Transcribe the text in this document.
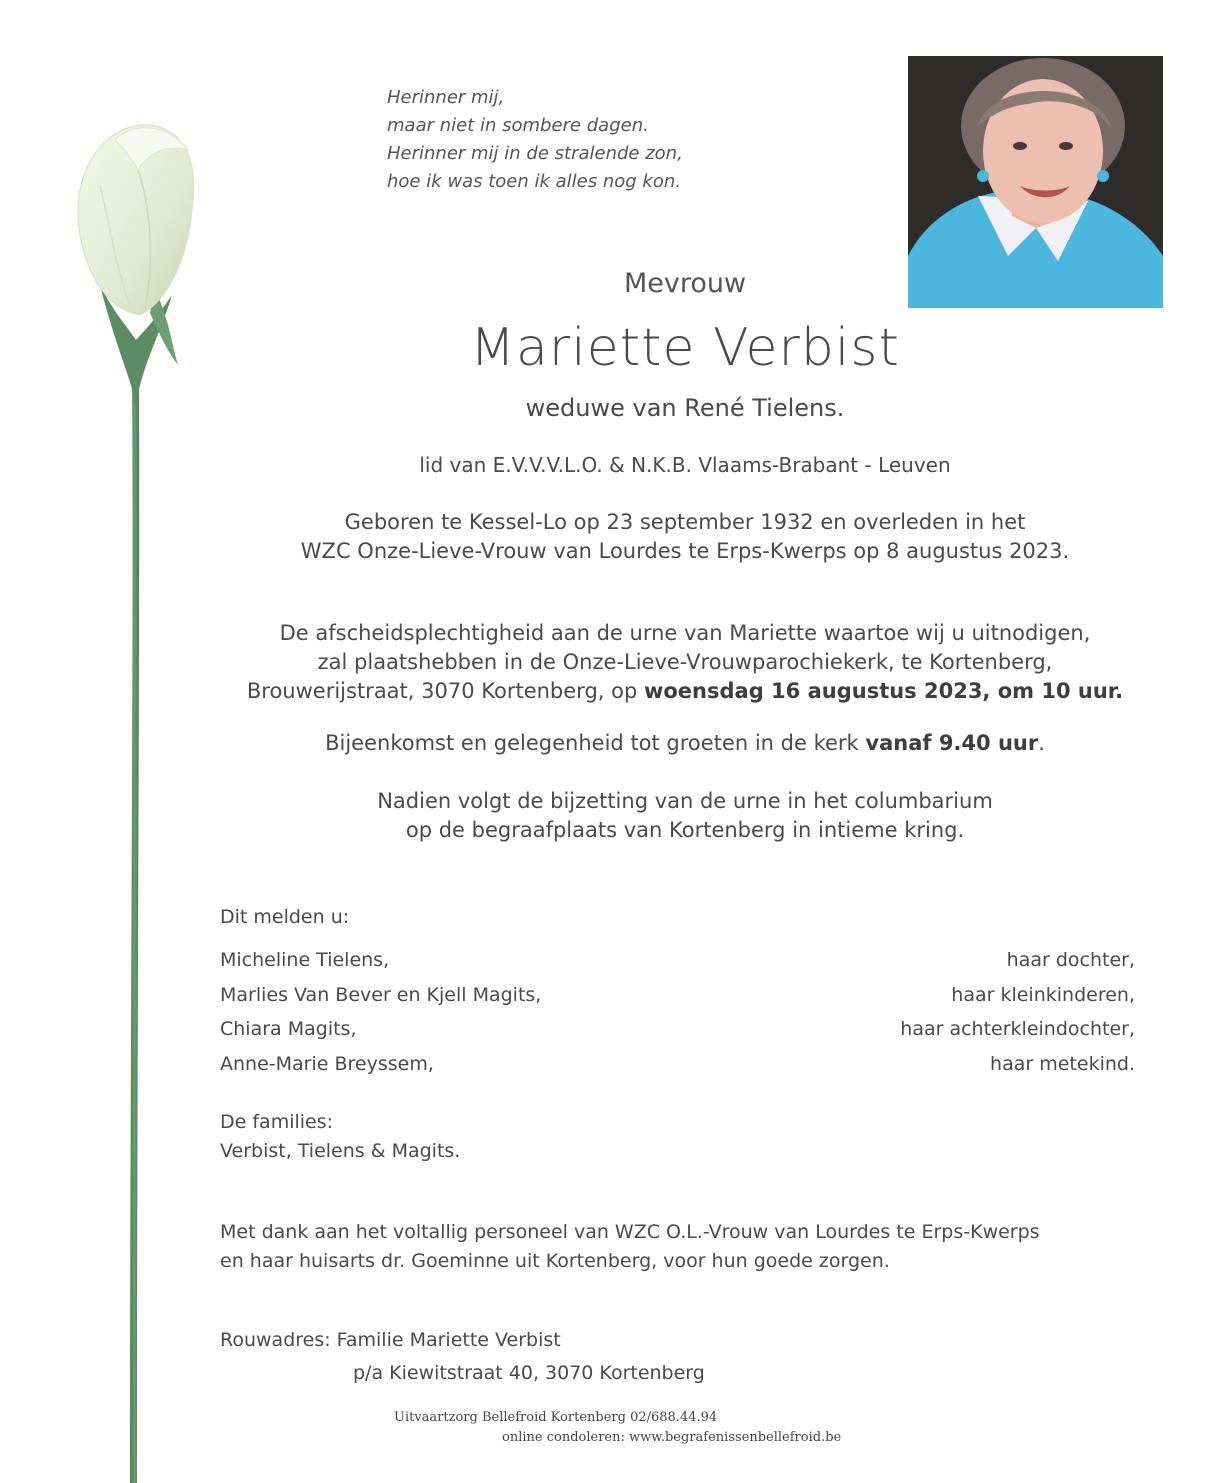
Herinner mij,
maar niet in sombere dagen.
Herinner mij in de stralende zon,
hoe ik was toen ik alles nog kon.
Mevrouw
Mariette Verbist
weduwe van René Tielens.
lid van E.V.V.V.L.O. & N.K.B. Vlaams-Brabant - Leuven
Geboren te Kessel-Lo op 23 september 1932 en overleden in het
WZC Onze-Lieve-Vrouw van Lourdes te Erps-Kwerps op 8 augustus 2023.
De afscheidsplechtigheid aan de urne van Mariette waartoe wij u uitnodigen,
zal plaatshebben in de Onze-Lieve-Vrouwparochiekerk, te Kortenberg,
Brouwerijstraat, 3070 Kortenberg, op woensdag 16 augustus 2023, om 10 uur.
Bijeenkomst en gelegenheid tot groeten in de kerk vanaf 9.40 uur.
Nadien volgt de bijzetting van de urne in het columbarium
op de begraafplaats van Kortenberg in intieme kring.
Dit melden u:
Micheline Tielens,	haar dochter,
Marlies Van Bever en Kjell Magits,	haar kleinkinderen,
Chiara Magits,	haar achterkleindochter,
Anne-Marie Breyssem,	haar metekind.
De families:
Verbist, Tielens & Magits.
Met dank aan het voltallig personeel van WZC O.L.-Vrouw van Lourdes te Erps-Kwerps
en haar huisarts dr. Goeminne uit Kortenberg, voor hun goede zorgen.
Rouwadres: Familie Mariette Verbist
p/a Kiewitstraat 40, 3070 Kortenberg
Uitvaartzorg Bellefroid Kortenberg 02/688.44.94
online condoleren: www.begrafenissenbellefroid.be
